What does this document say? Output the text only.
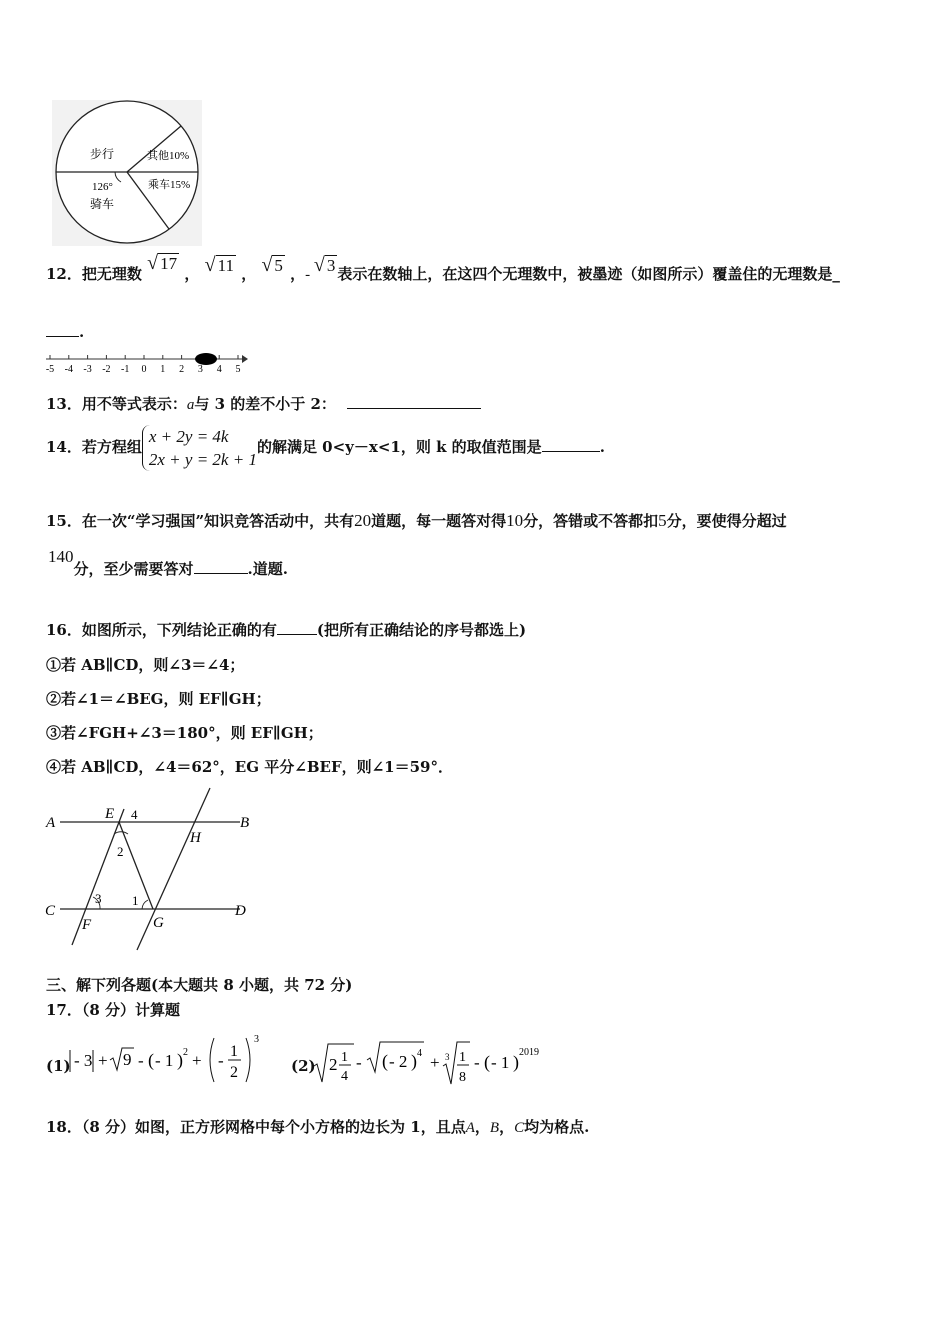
步行	其他10%
乘车15%
126°
骑车
12．把无理数 √ 17 ， √ 11 ， √ 5 ，- √ 3 表示在数轴上，在这四个无理数中，被墨迹（如图所示）覆盖住的无理数是_
.
-5 -4 -3 -2 -1 0 1 2 3 4 5
13．用不等式表示：a与 3 的差不小于 2：
14．若方程组x + 2y = 4k
2x + y = 2k + 1的解满足 0<y－x<1，则 k 的取值范围是	.
15．在一次“学习强国”知识竞答活动中，共有20道题，每一题答对得10分，答错或不答都扣5分，要使得分超过
140分，至少需要答对	.道题.
16．如图所示，下列结论正确的有	(把所有正确结论的序号都选上)
①若 AB∥CD，则∠3＝∠4；
②若∠1＝∠BEG，则 EF∥GH；
③若∠FGH+∠3＝180°，则 EF∥GH；
④若 AB∥CD，∠4＝62°，EG 平分∠BEF，则∠1＝59°．
A	B
C	D
E
F	G
H
4
2
3 1
三、解下列各题(本大题共 8 小题，共 72 分)
17．（8 分）计算题
(1) - 3 + 9 - ( - 1 ) 2 + - 1
2
3
(2) 2 1
4
- ( - 2 ) 4 + 3 1
8
- ( - 1 ) 2019
18．（8 分）如图，正方形网格中每个小方格的边长为 1，且点A，B，C均为格点.
